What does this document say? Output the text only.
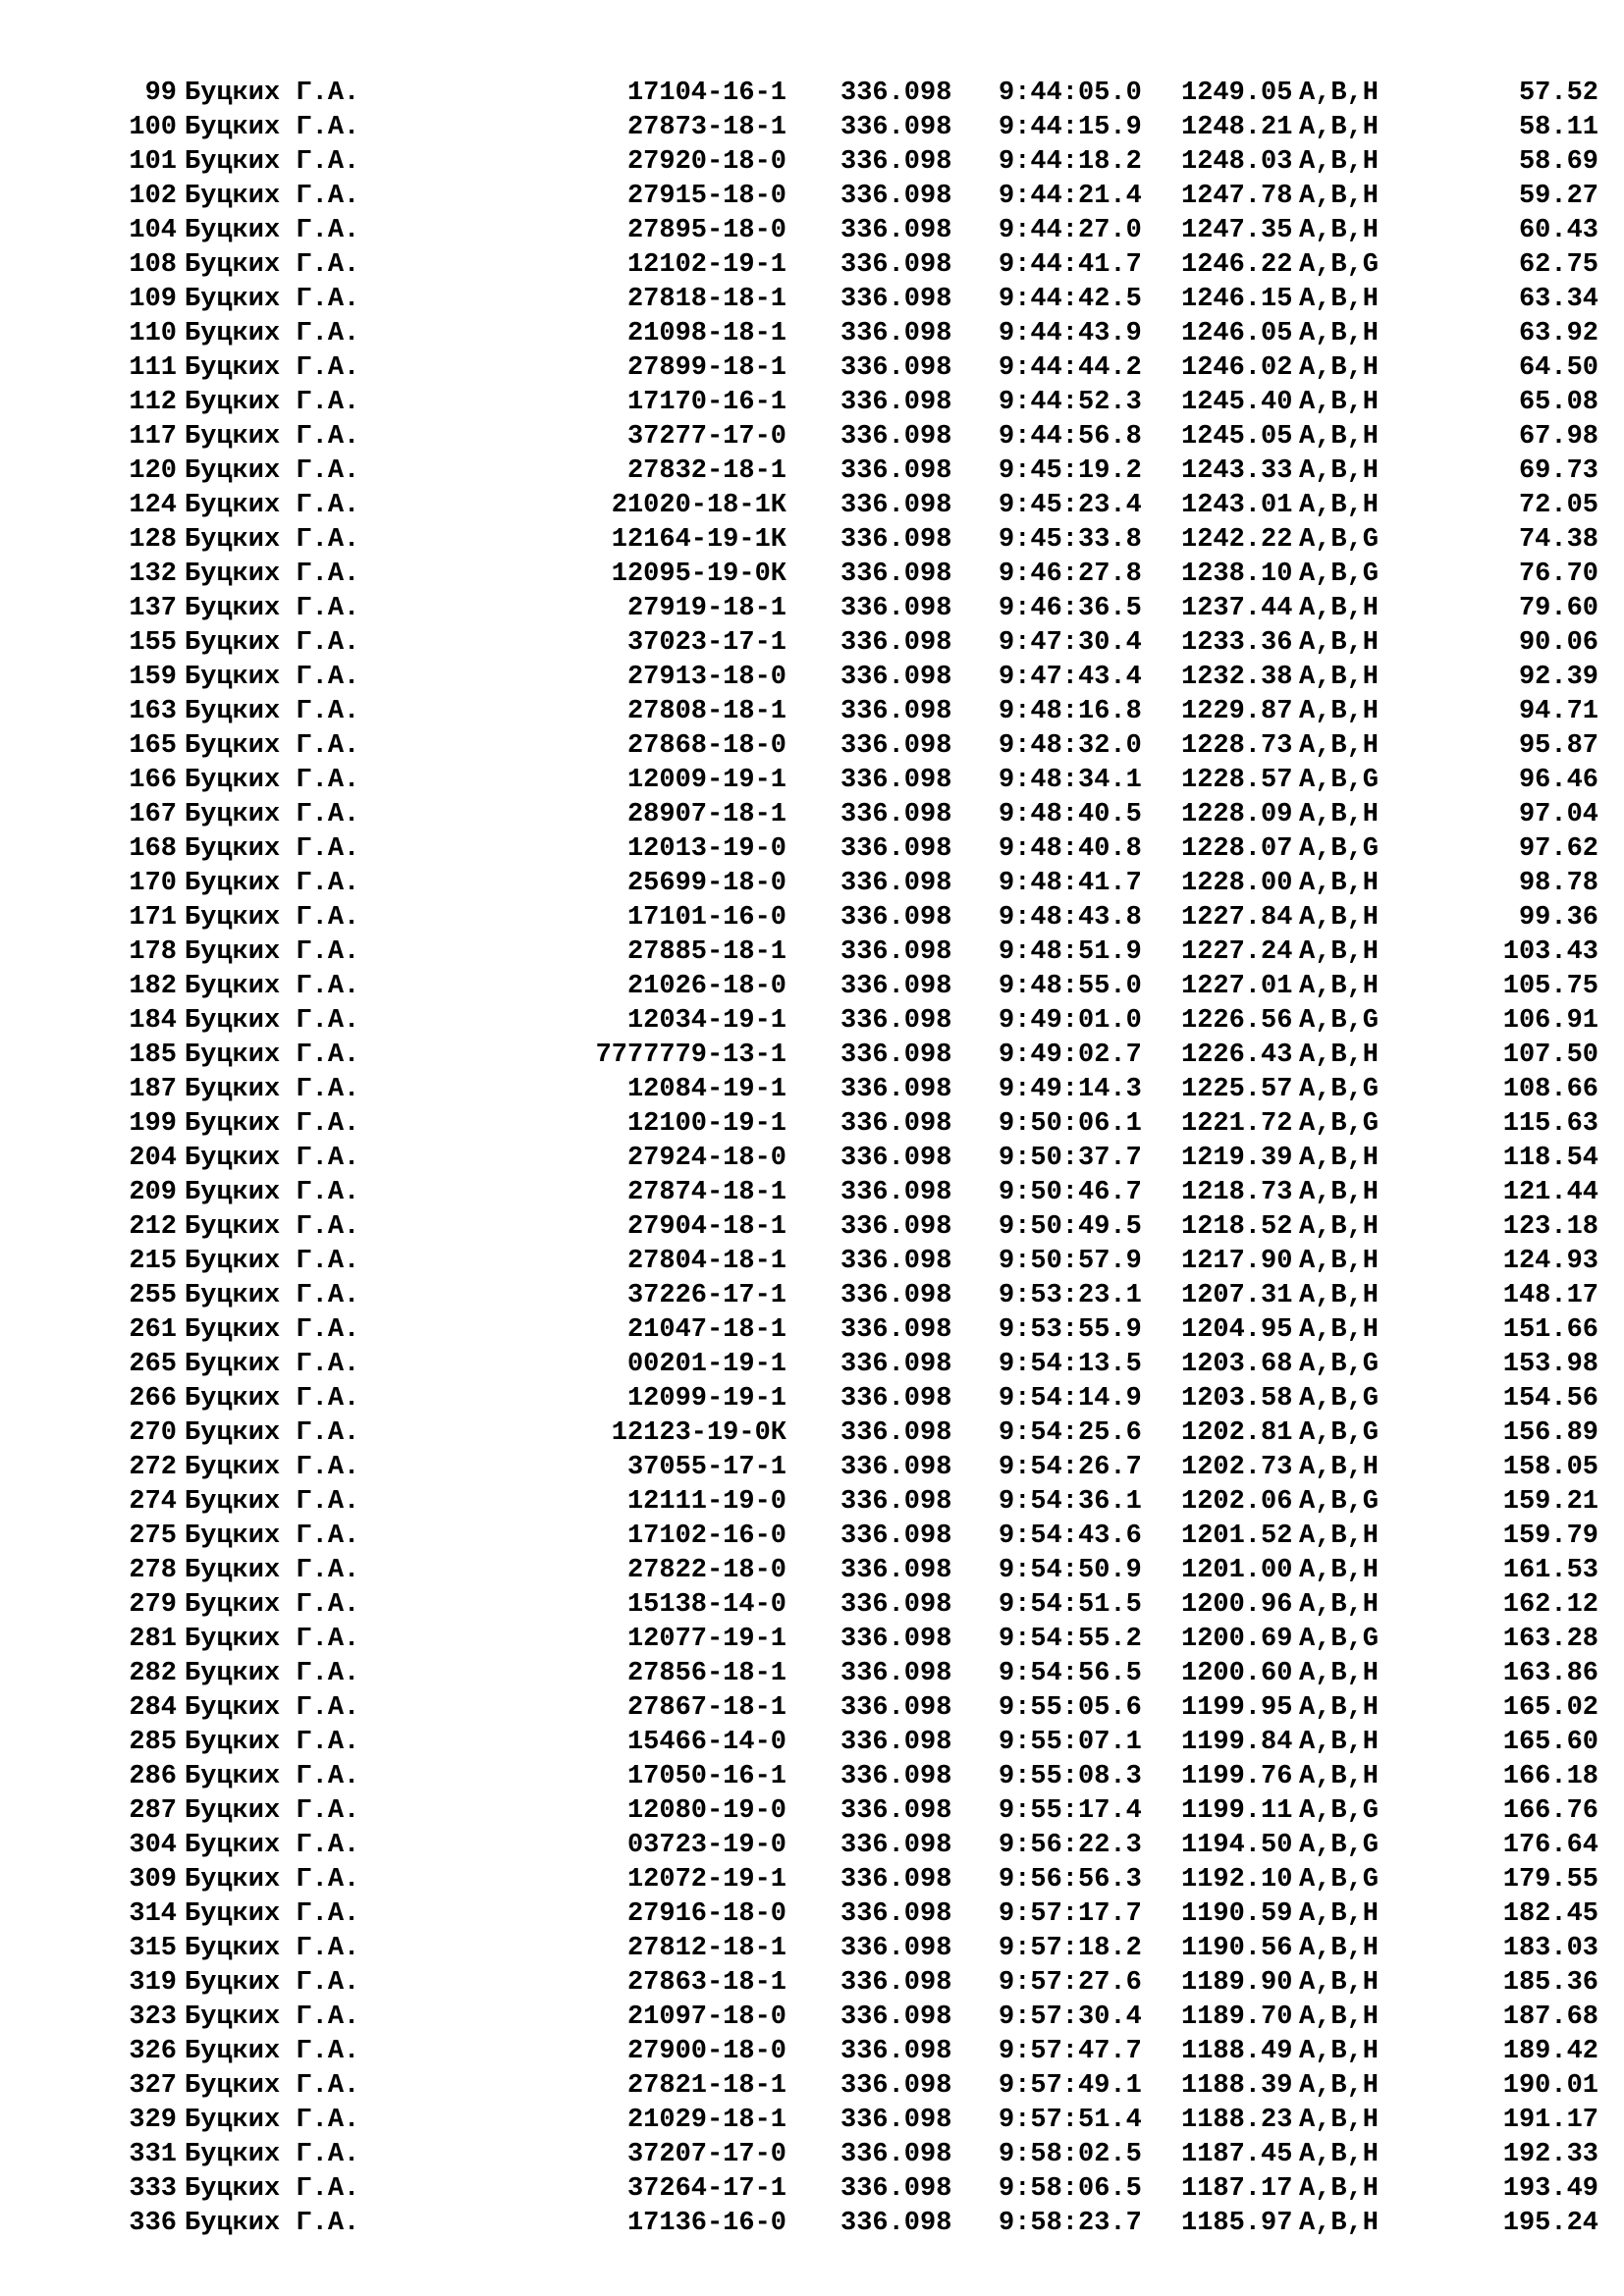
99 Буцких Г.А.	17104-16-1 336.098 9:44:05.0 1249.05 A,B,H	57.52
100 Буцких Г.А.	27873-18-1 336.098 9:44:15.9 1248.21 A,B,H	58.11
101 Буцких Г.А.	27920-18-0 336.098 9:44:18.2 1248.03 A,B,H	58.69
102 Буцких Г.А.	27915-18-0 336.098 9:44:21.4 1247.78 A,B,H	59.27
104 Буцких Г.А.	27895-18-0 336.098 9:44:27.0 1247.35 A,B,H	60.43
108 Буцких Г.А.	12102-19-1 336.098 9:44:41.7 1246.22 A,B,G	62.75
109 Буцких Г.А.	27818-18-1 336.098 9:44:42.5 1246.15 A,B,H	63.34
110 Буцких Г.А.	21098-18-1 336.098 9:44:43.9 1246.05 A,B,H	63.92
111 Буцких Г.А.	27899-18-1 336.098 9:44:44.2 1246.02 A,B,H	64.50
112 Буцких Г.А.	17170-16-1 336.098 9:44:52.3 1245.40 A,B,H	65.08
117 Буцких Г.А.	37277-17-0 336.098 9:44:56.8 1245.05 A,B,H	67.98
120 Буцких Г.А.	27832-18-1 336.098 9:45:19.2 1243.33 A,B,H	69.73
124 Буцких Г.А.	21020-18-1К 336.098 9:45:23.4 1243.01 A,B,H	72.05
128 Буцких Г.А.	12164-19-1К 336.098 9:45:33.8 1242.22 A,B,G	74.38
132 Буцких Г.А.	12095-19-0К 336.098 9:46:27.8 1238.10 A,B,G	76.70
137 Буцких Г.А.	27919-18-1 336.098 9:46:36.5 1237.44 A,B,H	79.60
155 Буцких Г.А.	37023-17-1 336.098 9:47:30.4 1233.36 A,B,H	90.06
159 Буцких Г.А.	27913-18-0 336.098 9:47:43.4 1232.38 A,B,H	92.39
163 Буцких Г.А.	27808-18-1 336.098 9:48:16.8 1229.87 A,B,H	94.71
165 Буцких Г.А.	27868-18-0 336.098 9:48:32.0 1228.73 A,B,H	95.87
166 Буцких Г.А.	12009-19-1 336.098 9:48:34.1 1228.57 A,B,G	96.46
167 Буцких Г.А.	28907-18-1 336.098 9:48:40.5 1228.09 A,B,H	97.04
168 Буцких Г.А.	12013-19-0 336.098 9:48:40.8 1228.07 A,B,G	97.62
170 Буцких Г.А.	25699-18-0 336.098 9:48:41.7 1228.00 A,B,H	98.78
171 Буцких Г.А.	17101-16-0 336.098 9:48:43.8 1227.84 A,B,H	99.36
178 Буцких Г.А.	27885-18-1 336.098 9:48:51.9 1227.24 A,B,H	103.43
182 Буцких Г.А.	21026-18-0 336.098 9:48:55.0 1227.01 A,B,H	105.75
184 Буцких Г.А.	12034-19-1 336.098 9:49:01.0 1226.56 A,B,G	106.91
185 Буцких Г.А.	7777779-13-1 336.098 9:49:02.7 1226.43 A,B,H	107.50
187 Буцких Г.А.	12084-19-1 336.098 9:49:14.3 1225.57 A,B,G	108.66
199 Буцких Г.А.	12100-19-1 336.098 9:50:06.1 1221.72 A,B,G	115.63
204 Буцких Г.А.	27924-18-0 336.098 9:50:37.7 1219.39 A,B,H	118.54
209 Буцких Г.А.	27874-18-1 336.098 9:50:46.7 1218.73 A,B,H	121.44
212 Буцких Г.А.	27904-18-1 336.098 9:50:49.5 1218.52 A,B,H	123.18
215 Буцких Г.А.	27804-18-1 336.098 9:50:57.9 1217.90 A,B,H	124.93
255 Буцких Г.А.	37226-17-1 336.098 9:53:23.1 1207.31 A,B,H	148.17
261 Буцких Г.А.	21047-18-1 336.098 9:53:55.9 1204.95 A,B,H	151.66
265 Буцких Г.А.	00201-19-1 336.098 9:54:13.5 1203.68 A,B,G	153.98
266 Буцких Г.А.	12099-19-1 336.098 9:54:14.9 1203.58 A,B,G	154.56
270 Буцких Г.А.	12123-19-0К 336.098 9:54:25.6 1202.81 A,B,G	156.89
272 Буцких Г.А.	37055-17-1 336.098 9:54:26.7 1202.73 A,B,H	158.05
274 Буцких Г.А.	12111-19-0 336.098 9:54:36.1 1202.06 A,B,G	159.21
275 Буцких Г.А.	17102-16-0 336.098 9:54:43.6 1201.52 A,B,H	159.79
278 Буцких Г.А.	27822-18-0 336.098 9:54:50.9 1201.00 A,B,H	161.53
279 Буцких Г.А.	15138-14-0 336.098 9:54:51.5 1200.96 A,B,H	162.12
281 Буцких Г.А.	12077-19-1 336.098 9:54:55.2 1200.69 A,B,G	163.28
282 Буцких Г.А.	27856-18-1 336.098 9:54:56.5 1200.60 A,B,H	163.86
284 Буцких Г.А.	27867-18-1 336.098 9:55:05.6 1199.95 A,B,H	165.02
285 Буцких Г.А.	15466-14-0 336.098 9:55:07.1 1199.84 A,B,H	165.60
286 Буцких Г.А.	17050-16-1 336.098 9:55:08.3 1199.76 A,B,H	166.18
287 Буцких Г.А.	12080-19-0 336.098 9:55:17.4 1199.11 A,B,G	166.76
304 Буцких Г.А.	03723-19-0 336.098 9:56:22.3 1194.50 A,B,G	176.64
309 Буцких Г.А.	12072-19-1 336.098 9:56:56.3 1192.10 A,B,G	179.55
314 Буцких Г.А.	27916-18-0 336.098 9:57:17.7 1190.59 A,B,H	182.45
315 Буцких Г.А.	27812-18-1 336.098 9:57:18.2 1190.56 A,B,H	183.03
319 Буцких Г.А.	27863-18-1 336.098 9:57:27.6 1189.90 A,B,H	185.36
323 Буцких Г.А.	21097-18-0 336.098 9:57:30.4 1189.70 A,B,H	187.68
326 Буцких Г.А.	27900-18-0 336.098 9:57:47.7 1188.49 A,B,H	189.42
327 Буцких Г.А.	27821-18-1 336.098 9:57:49.1 1188.39 A,B,H	190.01
329 Буцких Г.А.	21029-18-1 336.098 9:57:51.4 1188.23 A,B,H	191.17
331 Буцких Г.А.	37207-17-0 336.098 9:58:02.5 1187.45 A,B,H	192.33
333 Буцких Г.А.	37264-17-1 336.098 9:58:06.5 1187.17 A,B,H	193.49
336 Буцких Г.А.	17136-16-0 336.098 9:58:23.7 1185.97 A,B,H	195.24
